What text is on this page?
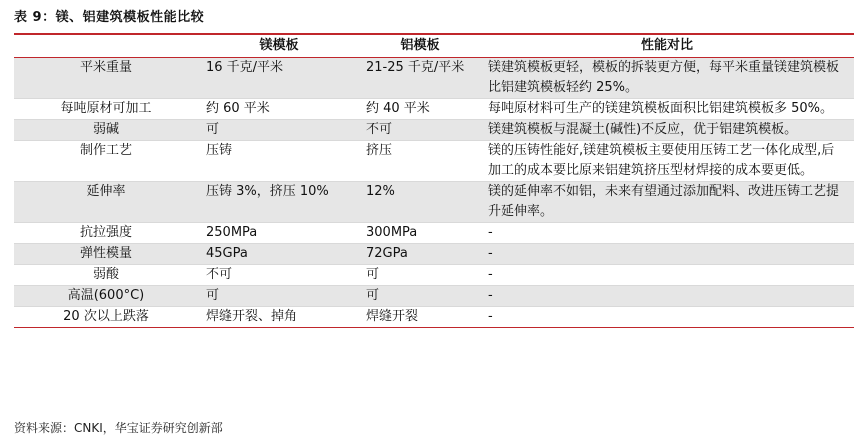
表 9：镁、铝建筑模板性能比较
	镁模板	铝模板	性能对比
平米重量	16 千克/平米	21-25 千克/平米	镁建筑模板更轻，模板的拆装更方便，每平米重量镁建筑模板比铝建筑模板轻约 25%。
每吨原材可加工	约 60 平米	约 40 平米	每吨原材料可生产的镁建筑模板面积比铝建筑模板多 50%。
弱碱	可	不可	镁建筑模板与混凝土(碱性)不反应，优于铝建筑模板。
制作工艺	压铸	挤压	镁的压铸性能好,镁建筑模板主要使用压铸工艺一体化成型,后加工的成本要比原来铝建筑挤压型材焊接的成本要更低。
延伸率	压铸 3%，挤压 10%	12%	镁的延伸率不如铝，未来有望通过添加配料、改进压铸工艺提升延伸率。
抗拉强度	250MPa	300MPa	-
弹性模量	45GPa	72GPa	-
弱酸	不可	可	-
高温(600°C)	可	可	-
20 次以上跌落	焊缝开裂、掉角	焊缝开裂	-
资料来源：CNKI，华宝证券研究创新部
